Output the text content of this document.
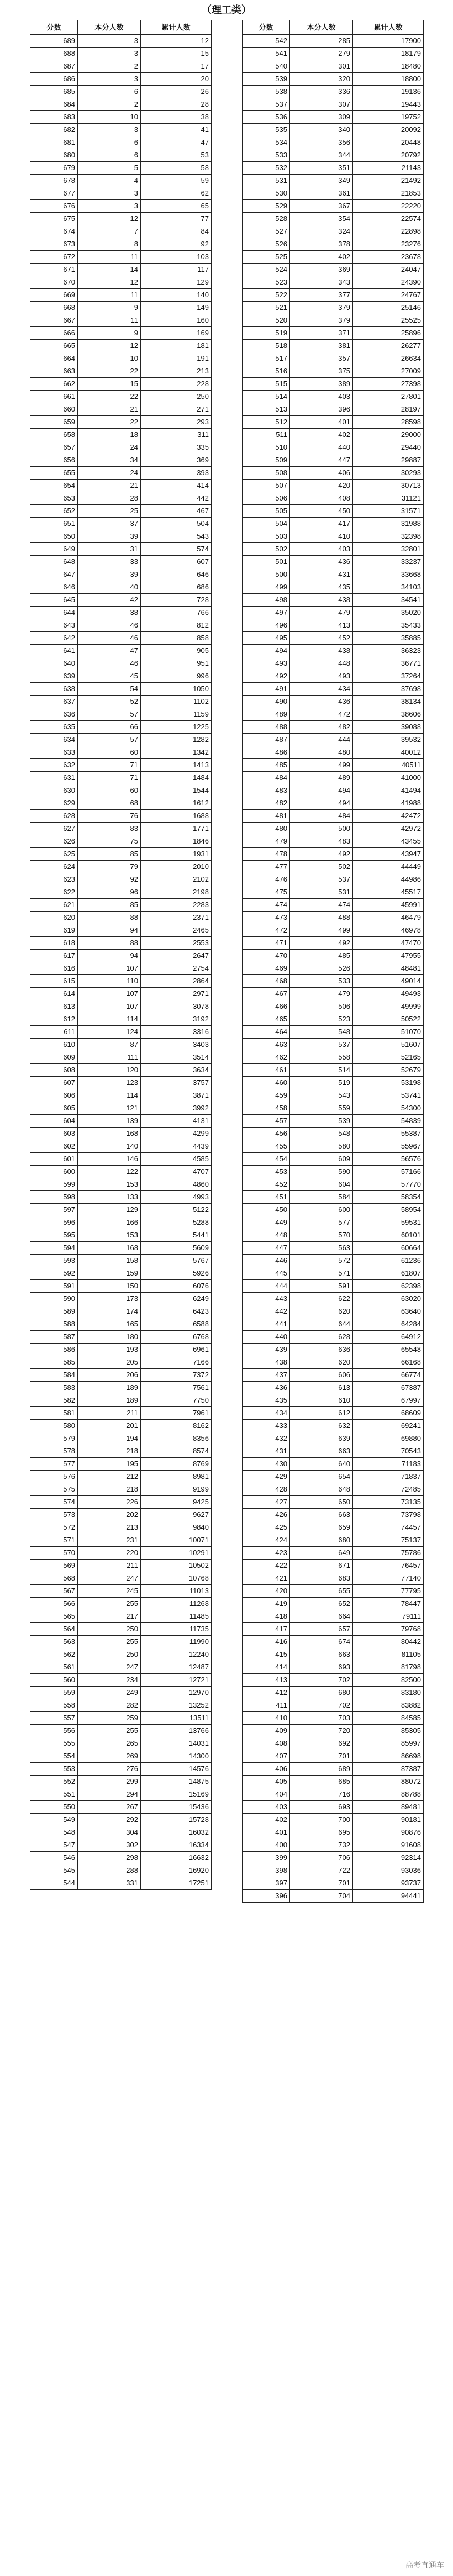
（理工类）
分数	本分人数	累计人数
689	3	12
688	3	15
687	2	17
686	3	20
685	6	26
684	2	28
683	10	38
682	3	41
681	6	47
680	6	53
679	5	58
678	4	59
677	3	62
676	3	65
675	12	77
674	7	84
673	8	92
672	11	103
671	14	117
670	12	129
669	11	140
668	9	149
667	11	160
666	9	169
665	12	181
664	10	191
663	22	213
662	15	228
661	22	250
660	21	271
659	22	293
658	18	311
657	24	335
656	34	369
655	24	393
654	21	414
653	28	442
652	25	467
651	37	504
650	39	543
649	31	574
648	33	607
647	39	646
646	40	686
645	42	728
644	38	766
643	46	812
642	46	858
641	47	905
640	46	951
639	45	996
638	54	1050
637	52	1102
636	57	1159
635	66	1225
634	57	1282
633	60	1342
632	71	1413
631	71	1484
630	60	1544
629	68	1612
628	76	1688
627	83	1771
626	75	1846
625	85	1931
624	79	2010
623	92	2102
622	96	2198
621	85	2283
620	88	2371
619	94	2465
618	88	2553
617	94	2647
616	107	2754
615	110	2864
614	107	2971
613	107	3078
612	114	3192
611	124	3316
610	87	3403
609	111	3514
608	120	3634
607	123	3757
606	114	3871
605	121	3992
604	139	4131
603	168	4299
602	140	4439
601	146	4585
600	122	4707
599	153	4860
598	133	4993
597	129	5122
596	166	5288
595	153	5441
594	168	5609
593	158	5767
592	159	5926
591	150	6076
590	173	6249
589	174	6423
588	165	6588
587	180	6768
586	193	6961
585	205	7166
584	206	7372
583	189	7561
582	189	7750
581	211	7961
580	201	8162
579	194	8356
578	218	8574
577	195	8769
576	212	8981
575	218	9199
574	226	9425
573	202	9627
572	213	9840
571	231	10071
570	220	10291
569	211	10502
568	247	10768
567	245	11013
566	255	11268
565	217	11485
564	250	11735
563	255	11990
562	250	12240
561	247	12487
560	234	12721
559	249	12970
558	282	13252
557	259	13511
556	255	13766
555	265	14031
554	269	14300
553	276	14576
552	299	14875
551	294	15169
550	267	15436
549	292	15728
548	304	16032
547	302	16334
546	298	16632
545	288	16920
544	331	17251
分数	本分人数	累计人数
542	285	17900
541	279	18179
540	301	18480
539	320	18800
538	336	19136
537	307	19443
536	309	19752
535	340	20092
534	356	20448
533	344	20792
532	351	21143
531	349	21492
530	361	21853
529	367	22220
528	354	22574
527	324	22898
526	378	23276
525	402	23678
524	369	24047
523	343	24390
522	377	24767
521	379	25146
520	379	25525
519	371	25896
518	381	26277
517	357	26634
516	375	27009
515	389	27398
514	403	27801
513	396	28197
512	401	28598
511	402	29000
510	440	29440
509	447	29887
508	406	30293
507	420	30713
506	408	31121
505	450	31571
504	417	31988
503	410	32398
502	403	32801
501	436	33237
500	431	33668
499	435	34103
498	438	34541
497	479	35020
496	413	35433
495	452	35885
494	438	36323
493	448	36771
492	493	37264
491	434	37698
490	436	38134
489	472	38606
488	482	39088
487	444	39532
486	480	40012
485	499	40511
484	489	41000
483	494	41494
482	494	41988
481	484	42472
480	500	42972
479	483	43455
478	492	43947
477	502	44449
476	537	44986
475	531	45517
474	474	45991
473	488	46479
472	499	46978
471	492	47470
470	485	47955
469	526	48481
468	533	49014
467	479	49493
466	506	49999
465	523	50522
464	548	51070
463	537	51607
462	558	52165
461	514	52679
460	519	53198
459	543	53741
458	559	54300
457	539	54839
456	548	55387
455	580	55967
454	609	56576
453	590	57166
452	604	57770
451	584	58354
450	600	58954
449	577	59531
448	570	60101
447	563	60664
446	572	61236
445	571	61807
444	591	62398
443	622	63020
442	620	63640
441	644	64284
440	628	64912
439	636	65548
438	620	66168
437	606	66774
436	613	67387
435	610	67997
434	612	68609
433	632	69241
432	639	69880
431	663	70543
430	640	71183
429	654	71837
428	648	72485
427	650	73135
426	663	73798
425	659	74457
424	680	75137
423	649	75786
422	671	76457
421	683	77140
420	655	77795
419	652	78447
418	664	79111
417	657	79768
416	674	80442
415	663	81105
414	693	81798
413	702	82500
412	680	83180
411	702	83882
410	703	84585
409	720	85305
408	692	85997
407	701	86698
406	689	87387
405	685	88072
404	716	88788
403	693	89481
402	700	90181
401	695	90876
400	732	91608
399	706	92314
398	722	93036
397	701	93737
396	704	94441
高考直通车
